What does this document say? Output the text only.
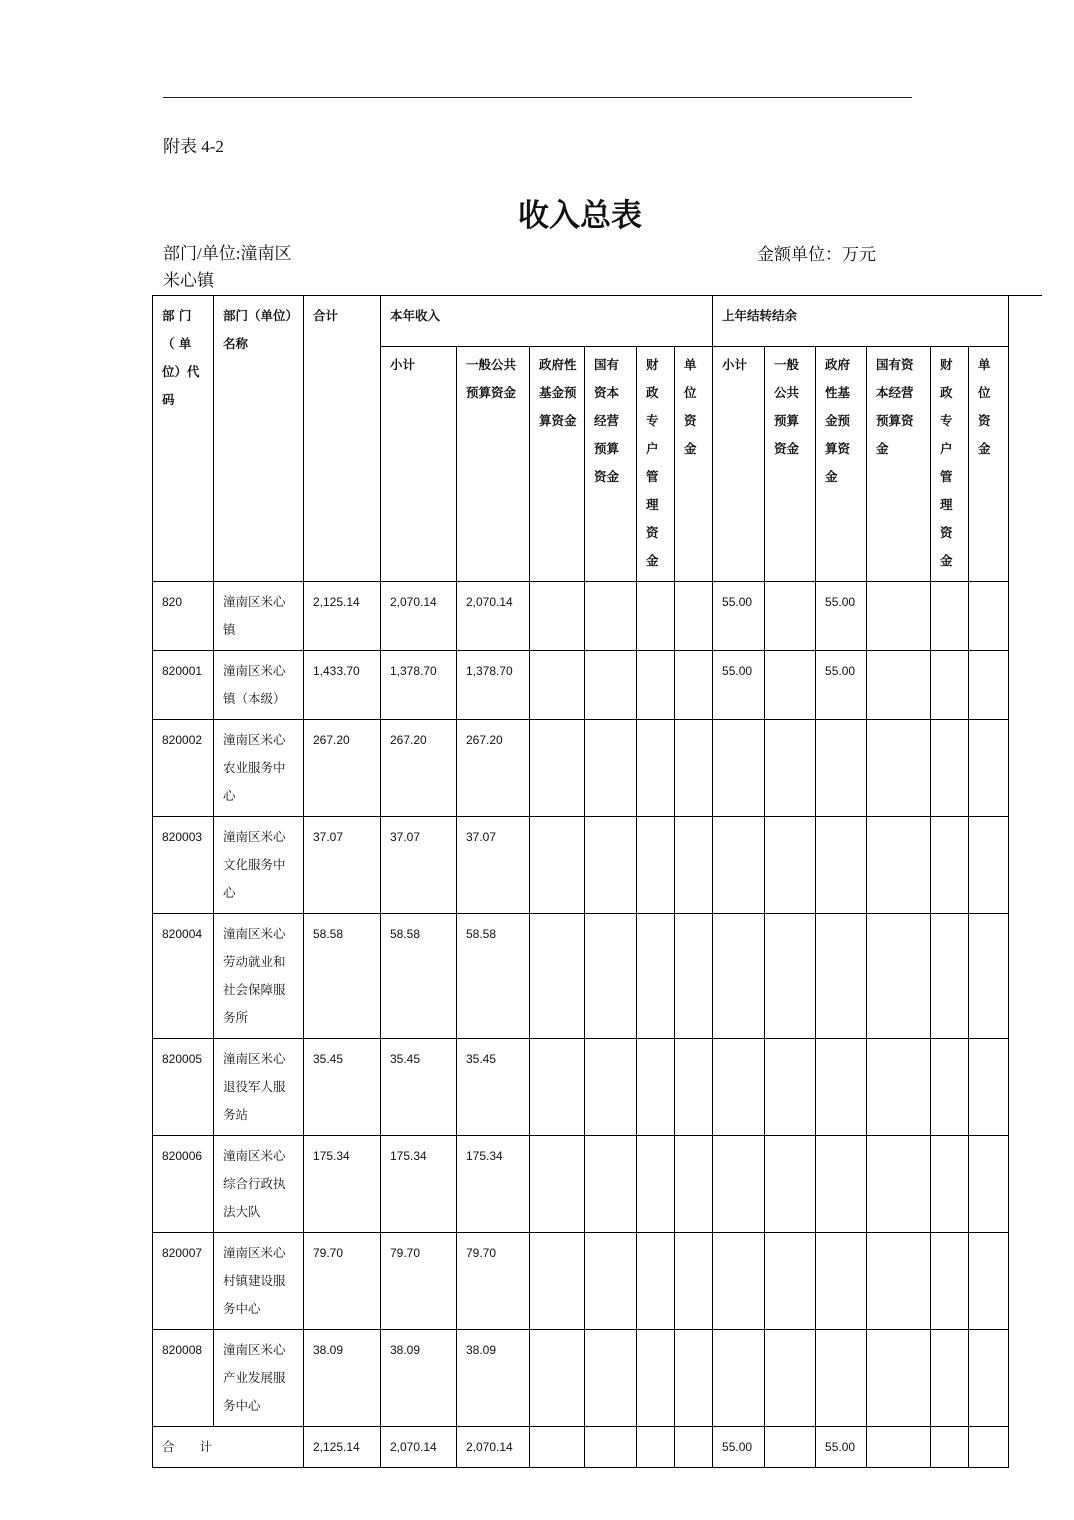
附表 4-2
收入总表
部门/单位:潼南区米心镇
金额单位：万元
部 门 （ 单 位）代码	部门（单位）名称	合计	本年收入						上年结转结余					
			小计	一般公共预算资金	政府性基金预算资金	国有资本经营预算资金	财政专户管理资金	单位资金	小计	一般公共预算资金	政府性基金预算资金	国有资本经营预算资金	财政专户管理资金	单位资金
820	潼南区米心镇	2,125.14	2,070.14	2,070.14					55.00		55.00			
820001	潼南区米心镇（本级）	1,433.70	1,378.70	1,378.70					55.00		55.00			
820002	潼南区米心农业服务中心	267.20	267.20	267.20										
820003	潼南区米心文化服务中心	37.07	37.07	37.07										
820004	潼南区米心劳动就业和社会保障服务所	58.58	58.58	58.58										
820005	潼南区米心退役军人服务站	35.45	35.45	35.45										
820006	潼南区米心综合行政执法大队	175.34	175.34	175.34										
820007	潼南区米心村镇建设服务中心	79.70	79.70	79.70										
820008	潼南区米心产业发展服务中心	38.09	38.09	38.09										
合　　计		2,125.14	2,070.14	2,070.14					55.00		55.00			
